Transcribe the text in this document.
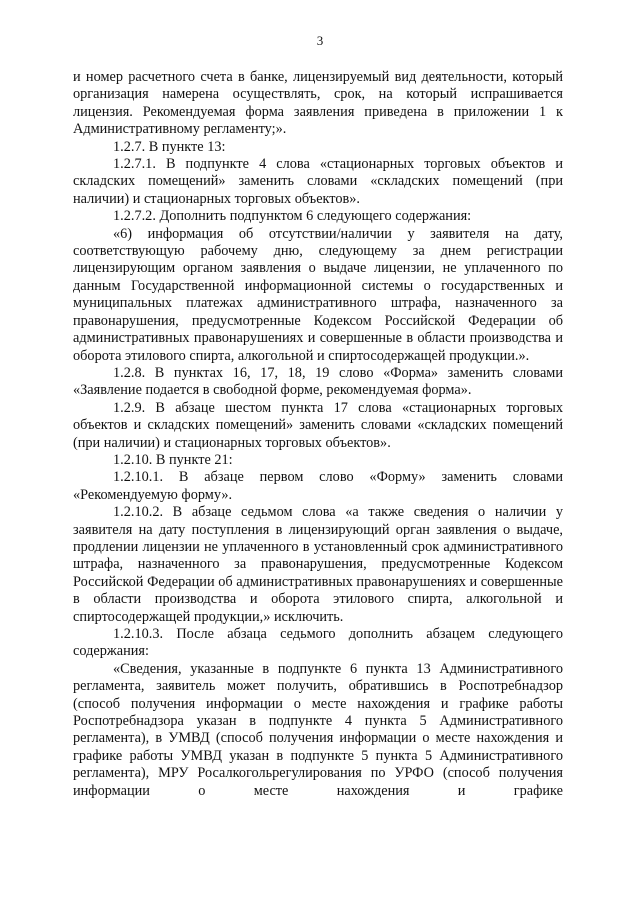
3

и номер расчетного счета в банке, лицензируемый вид деятельности, который организация намерена осуществлять, срок, на который испрашивается лицензия. Рекомендуемая форма заявления приведена в приложении 1 к Административному регламенту;».

1.2.7. В пункте 13:

1.2.7.1. В подпункте 4 слова «стационарных торговых объектов и складских помещений» заменить словами «складских помещений (при наличии) и стационарных торговых объектов».

1.2.7.2. Дополнить подпунктом 6 следующего содержания:

«6) информация об отсутствии/наличии у заявителя на дату, соответствующую рабочему дню, следующему за днем регистрации лицензирующим органом заявления о выдаче лицензии, не уплаченного по данным Государственной информационной системы о государственных и муниципальных платежах административного штрафа, назначенного за правонарушения, предусмотренные Кодексом Российской Федерации об административных правонарушениях и совершенные в области производства и оборота этилового спирта, алкогольной и спиртосодержащей продукции.».

1.2.8. В пунктах 16, 17, 18, 19 слово «Форма» заменить словами «Заявление подается в свободной форме, рекомендуемая форма».

1.2.9. В абзаце шестом пункта 17 слова «стационарных торговых объектов и складских помещений» заменить словами «складских помещений (при наличии) и стационарных торговых объектов».

1.2.10. В пункте 21:

1.2.10.1. В абзаце первом слово «Форму» заменить словами «Рекомендуемую форму».

1.2.10.2. В абзаце седьмом слова «а также сведения о наличии у заявителя на дату поступления в лицензирующий орган заявления о выдаче, продлении лицензии не уплаченного в установленный срок административного штрафа, назначенного за правонарушения, предусмотренные Кодексом Российской Федерации об административных правонарушениях и совершенные в области производства и оборота этилового спирта, алкогольной и спиртосодержащей продукции,» исключить.

1.2.10.3. После абзаца седьмого дополнить абзацем следующего содержания:

«Сведения, указанные в подпункте 6 пункта 13 Административного регламента, заявитель может получить, обратившись в Роспотребнадзор (способ получения информации о месте нахождения и графике работы Роспотребнадзора указан в подпункте 4 пункта 5 Административного регламента), в УМВД (способ получения информации о месте нахождения и графике работы УМВД указан в подпункте 5 пункта 5 Административного регламента), МРУ Росалкогольрегулирования по УРФО (способ получения информации о месте нахождения и графике
